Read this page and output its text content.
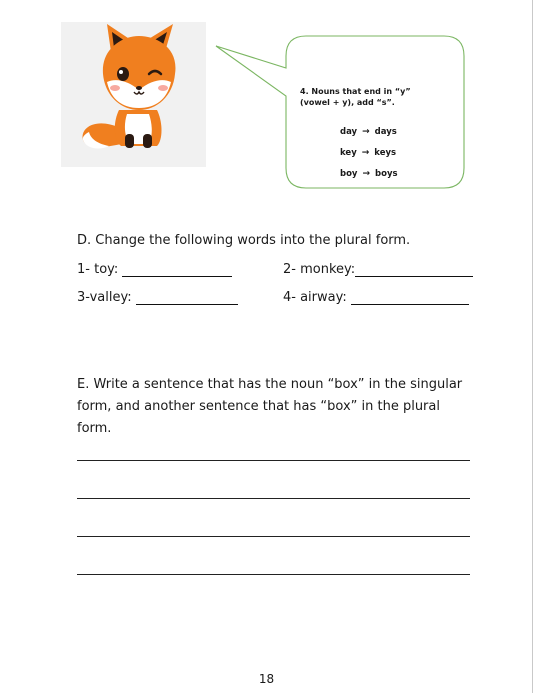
4. Nouns that end in “y”
(vowel + y), add “s”.
day → days
key → keys
boy → boys
D. Change the following words into the plural form.
1- toy:	2- monkey:
3-valley:	4- airway:
E. Write a sentence that has the noun “box” in the singular form, and another sentence that has “box” in the plural form.
18
